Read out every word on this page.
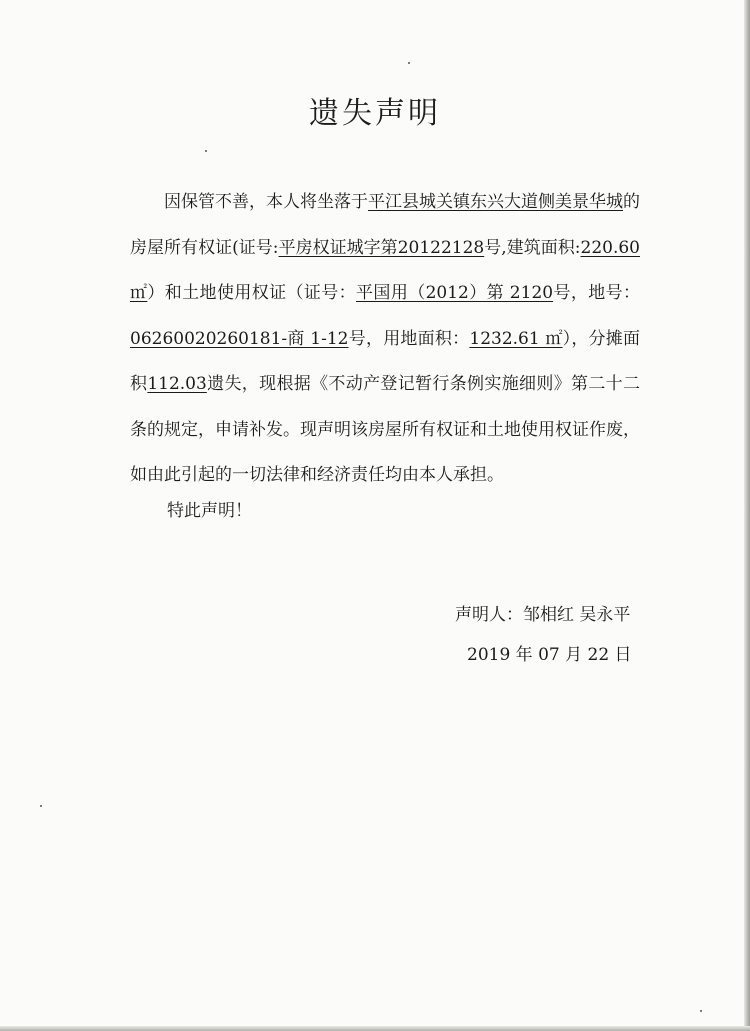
遗失声明
因保管不善，本人将坐落于平江县城关镇东兴大道侧美景华城的房屋所有权证(证号:平房权证城字第20122128号,建筑面积:220.60 ㎡）和土地使用权证（证号：平国用（2012）第 2120号，地号：06260020260181-商 1-12号，用地面积：1232.61 ㎡），分摊面积112.03遗失，现根据《不动产登记暂行条例实施细则》第二十二条的规定，申请补发。现声明该房屋所有权证和土地使用权证作废，如由此引起的一切法律和经济责任均由本人承担。
特此声明！
声明人：邹相红 吴永平
2019 年 07 月 22 日
